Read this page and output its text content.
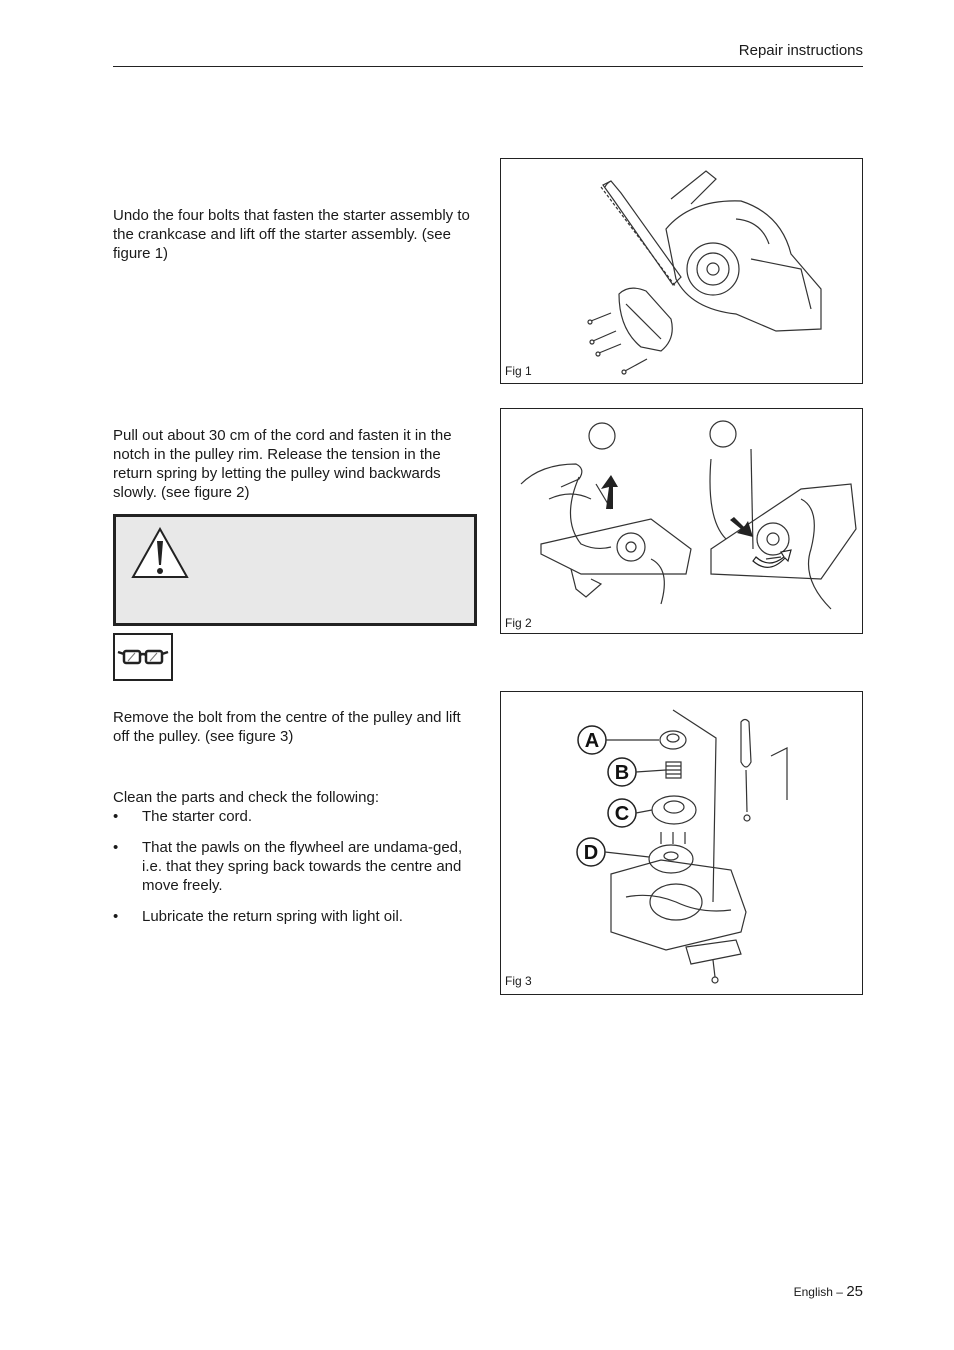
Repair instructions
Undo the four bolts that fasten the starter assembly to the crankcase and lift off the starter assembly. (see figure 1)
Fig 1
Pull out about 30 cm of the cord and fasten it in the notch in the pulley rim. Release the tension in the return spring by letting the pulley wind backwards slowly. (see figure 2)
Fig 2
Remove the bolt from the centre of the pulley and lift off the pulley. (see figure 3)
Clean the parts and check the following:
• The starter cord.
• That the pawls on the flywheel are undama-ged, i.e. that they spring back towards the centre and move freely.
• Lubricate the return spring with light oil.
A
B
C
D
Fig 3
English – 25
